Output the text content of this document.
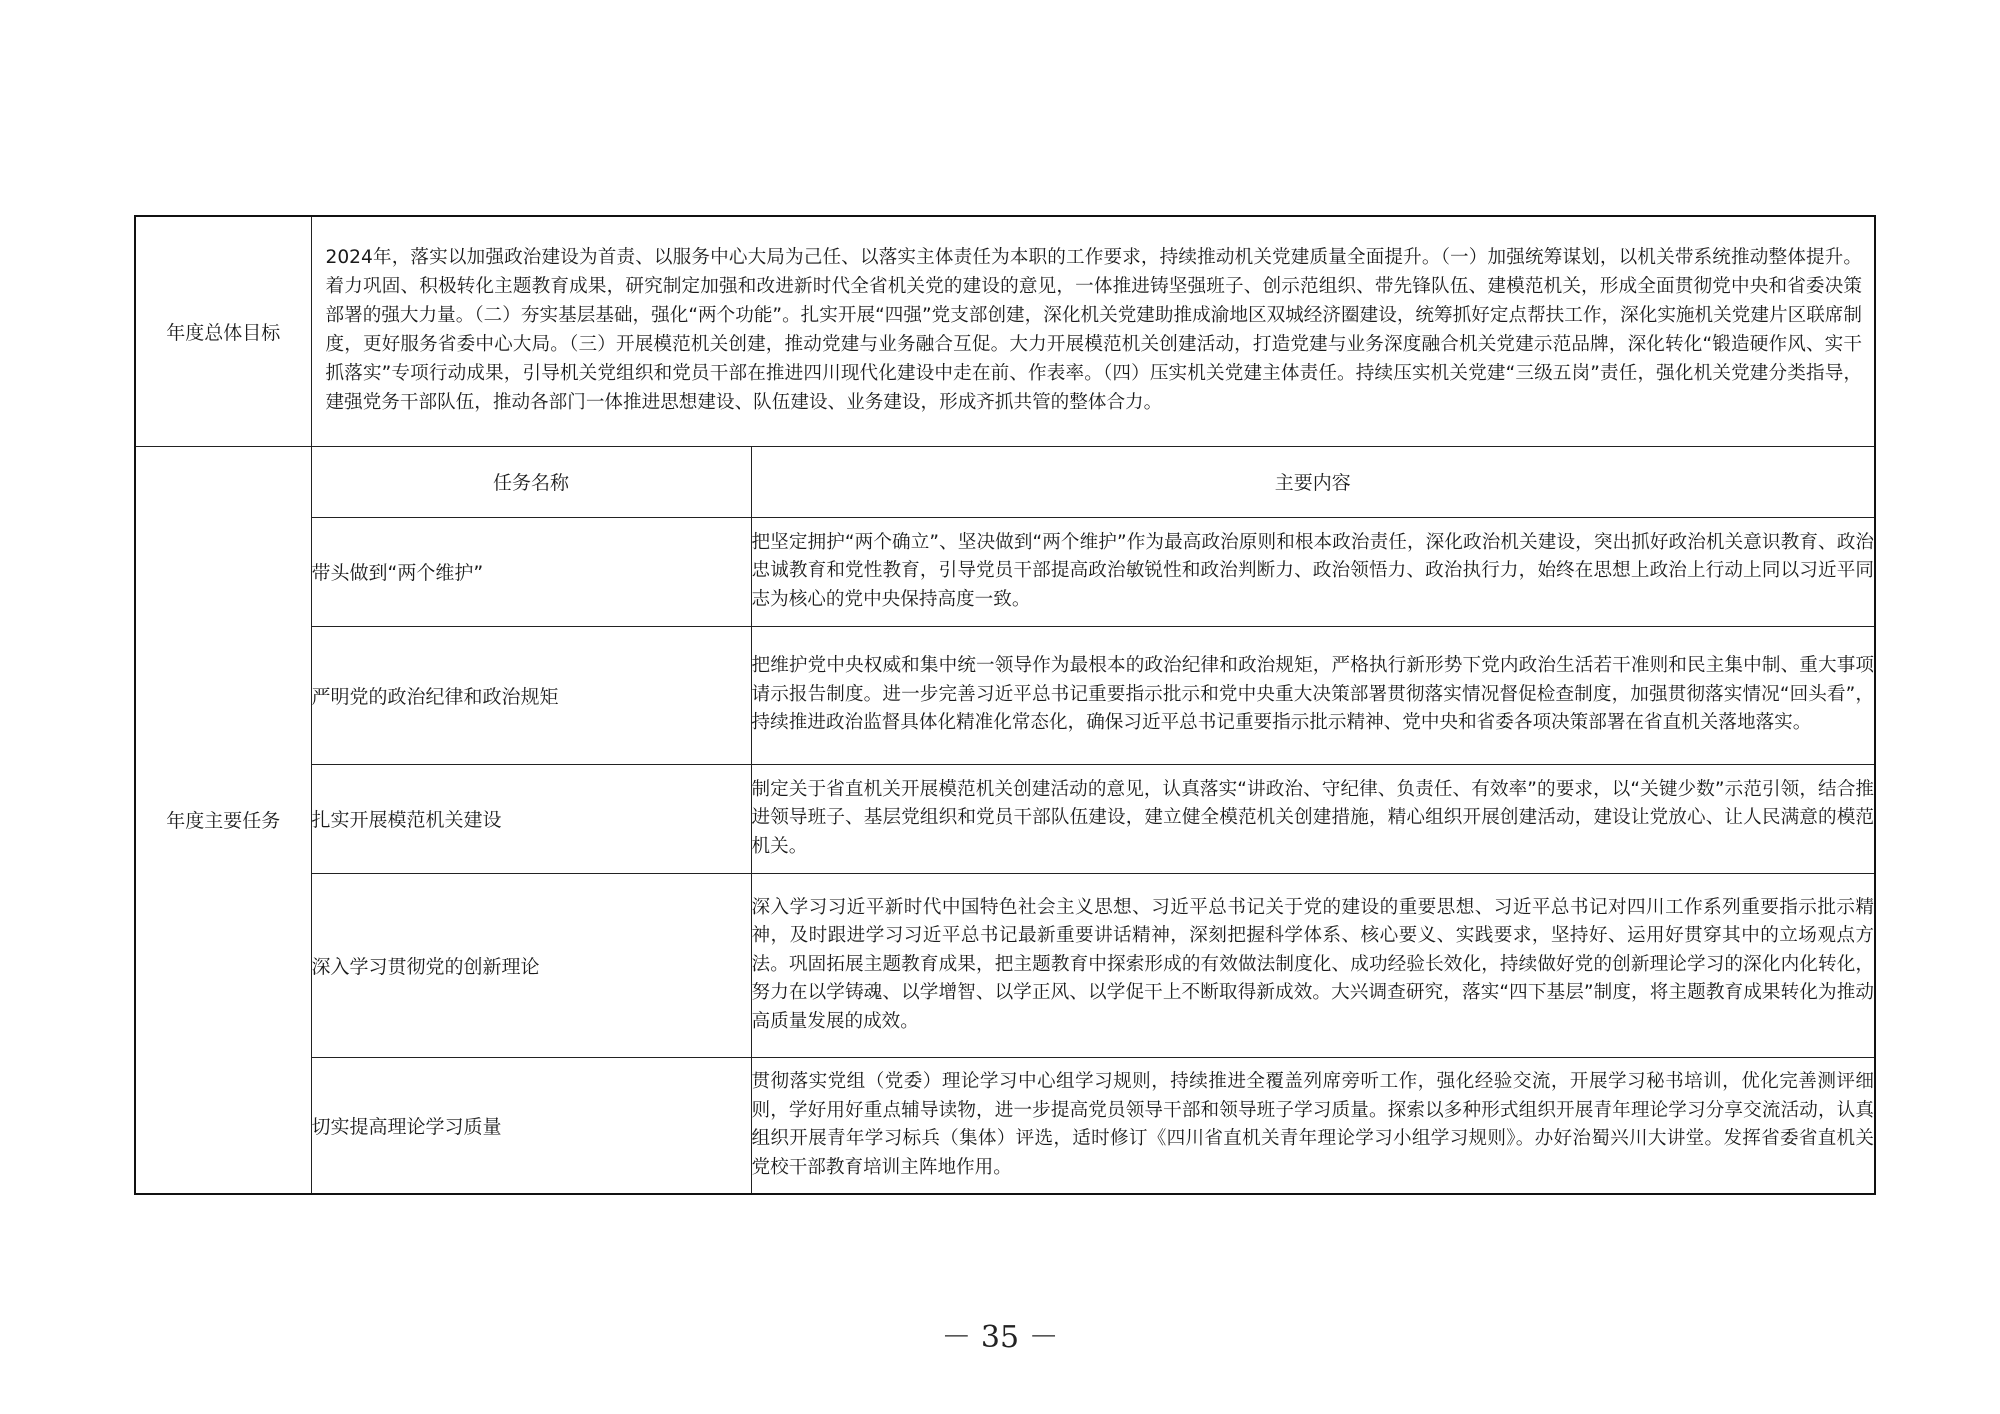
年度总体目标	2024年，落实以加强政治建设为首责、以服务中心大局为己任、以落实主体责任为本职的工作要求，持续推动机关党建质量全面提升。（一）加强统筹谋划，以机关带系统推动整体提升。着力巩固、积极转化主题教育成果，研究制定加强和改进新时代全省机关党的建设的意见，一体推进铸坚强班子、创示范组织、带先锋队伍、建模范机关，形成全面贯彻党中央和省委决策部署的强大力量。（二）夯实基层基础，强化“两个功能”。扎实开展“四强”党支部创建，深化机关党建助推成渝地区双城经济圈建设，统筹抓好定点帮扶工作，深化实施机关党建片区联席制度，更好服务省委中心大局。（三）开展模范机关创建，推动党建与业务融合互促。大力开展模范机关创建活动，打造党建与业务深度融合机关党建示范品牌，深化转化“锻造硬作风、实干抓落实”专项行动成果，引导机关党组织和党员干部在推进四川现代化建设中走在前、作表率。（四）压实机关党建主体责任。持续压实机关党建“三级五岗”责任，强化机关党建分类指导，建强党务干部队伍，推动各部门一体推进思想建设、队伍建设、业务建设，形成齐抓共管的整体合力。	

年度主要任务	任务名称	主要内容
	带头做到“两个维护”	把坚定拥护“两个确立”、坚决做到“两个维护”作为最高政治原则和根本政治责任，深化政治机关建设，突出抓好政治机关意识教育、政治忠诚教育和党性教育，引导党员干部提高政治敏锐性和政治判断力、政治领悟力、政治执行力，始终在思想上政治上行动上同以习近平同志为核心的党中央保持高度一致。
	严明党的政治纪律和政治规矩	把维护党中央权威和集中统一领导作为最根本的政治纪律和政治规矩，严格执行新形势下党内政治生活若干准则和民主集中制、重大事项请示报告制度。进一步完善习近平总书记重要指示批示和党中央重大决策部署贯彻落实情况督促检查制度，加强贯彻落实情况“回头看”，持续推进政治监督具体化精准化常态化，确保习近平总书记重要指示批示精神、党中央和省委各项决策部署在省直机关落地落实。
	扎实开展模范机关建设	制定关于省直机关开展模范机关创建活动的意见，认真落实“讲政治、守纪律、负责任、有效率”的要求，以“关键少数”示范引领，结合推进领导班子、基层党组织和党员干部队伍建设，建立健全模范机关创建措施，精心组织开展创建活动，建设让党放心、让人民满意的模范机关。
	深入学习贯彻党的创新理论	深入学习习近平新时代中国特色社会主义思想、习近平总书记关于党的建设的重要思想、习近平总书记对四川工作系列重要指示批示精神，及时跟进学习习近平总书记最新重要讲话精神，深刻把握科学体系、核心要义、实践要求，坚持好、运用好贯穿其中的立场观点方法。巩固拓展主题教育成果，把主题教育中探索形成的有效做法制度化、成功经验长效化，持续做好党的创新理论学习的深化内化转化，努力在以学铸魂、以学增智、以学正风、以学促干上不断取得新成效。大兴调查研究，落实“四下基层”制度，将主题教育成果转化为推动高质量发展的成效。
	切实提高理论学习质量	贯彻落实党组（党委）理论学习中心组学习规则，持续推进全覆盖列席旁听工作，强化经验交流，开展学习秘书培训，优化完善测评细则，学好用好重点辅导读物，进一步提高党员领导干部和领导班子学习质量。探索以多种形式组织开展青年理论学习分享交流活动，认真组织开展青年学习标兵（集体）评选，适时修订《四川省直机关青年理论学习小组学习规则》。办好治蜀兴川大讲堂。发挥省委省直机关党校干部教育培训主阵地作用。
－ 35 －
